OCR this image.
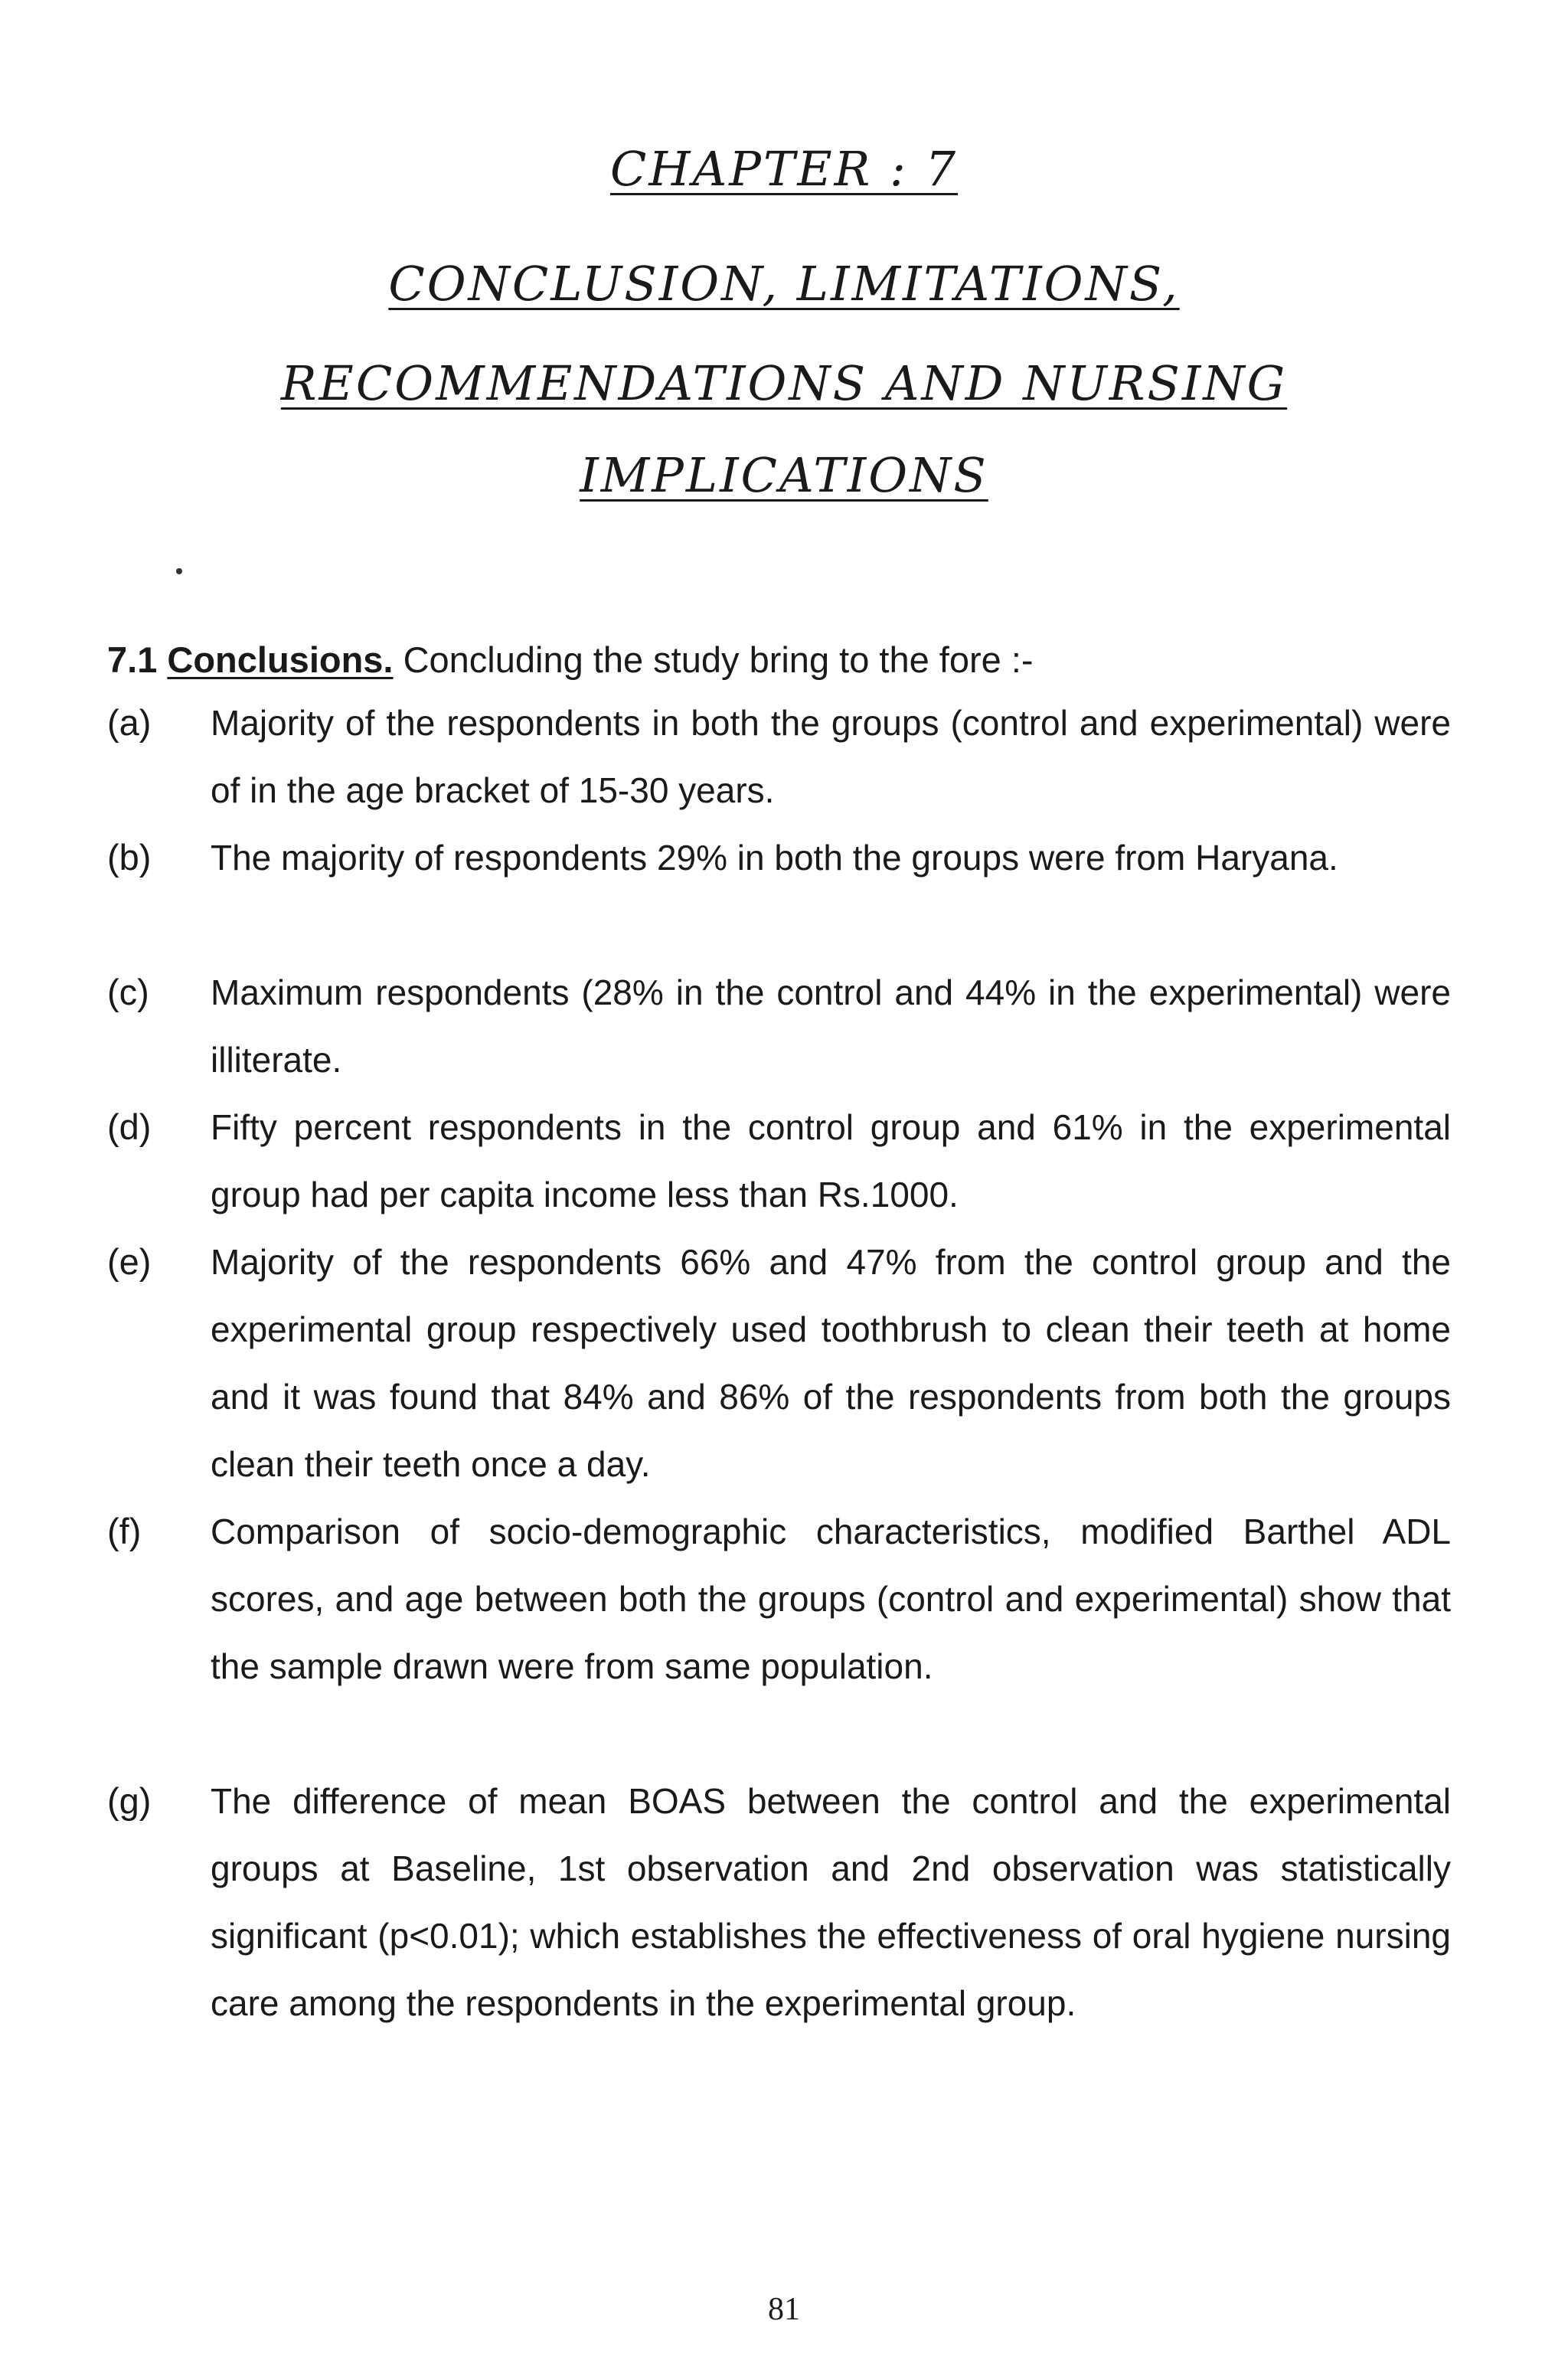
CHAPTER : 7
CONCLUSION, LIMITATIONS,
RECOMMENDATIONS AND NURSING
IMPLICATIONS
7.1 Conclusions. Concluding the study bring to the fore :-
(a) Majority of the respondents in both the groups (control and experimental) were of in the age bracket of 15-30 years.
(b) The majority of respondents 29% in both the groups were from Haryana.
(c) Maximum respondents (28% in the control and 44% in the experimental) were illiterate.
(d) Fifty percent respondents in the control group and 61% in the experimental group had per capita income less than Rs.1000.
(e) Majority of the respondents 66% and 47% from the control group and the experimental group respectively used toothbrush to clean their teeth at home and it was found that 84% and 86% of the respondents from both the groups clean their teeth once a day.
(f) Comparison of socio-demographic characteristics, modified Barthel ADL scores, and age between both the groups (control and experimental) show that the sample drawn were from same population.
(g) The difference of mean BOAS between the control and the experimental groups at Baseline, 1st observation and 2nd observation was statistically significant (p<0.01); which establishes the effectiveness of oral hygiene nursing care among the respondents in the experimental group.
81
